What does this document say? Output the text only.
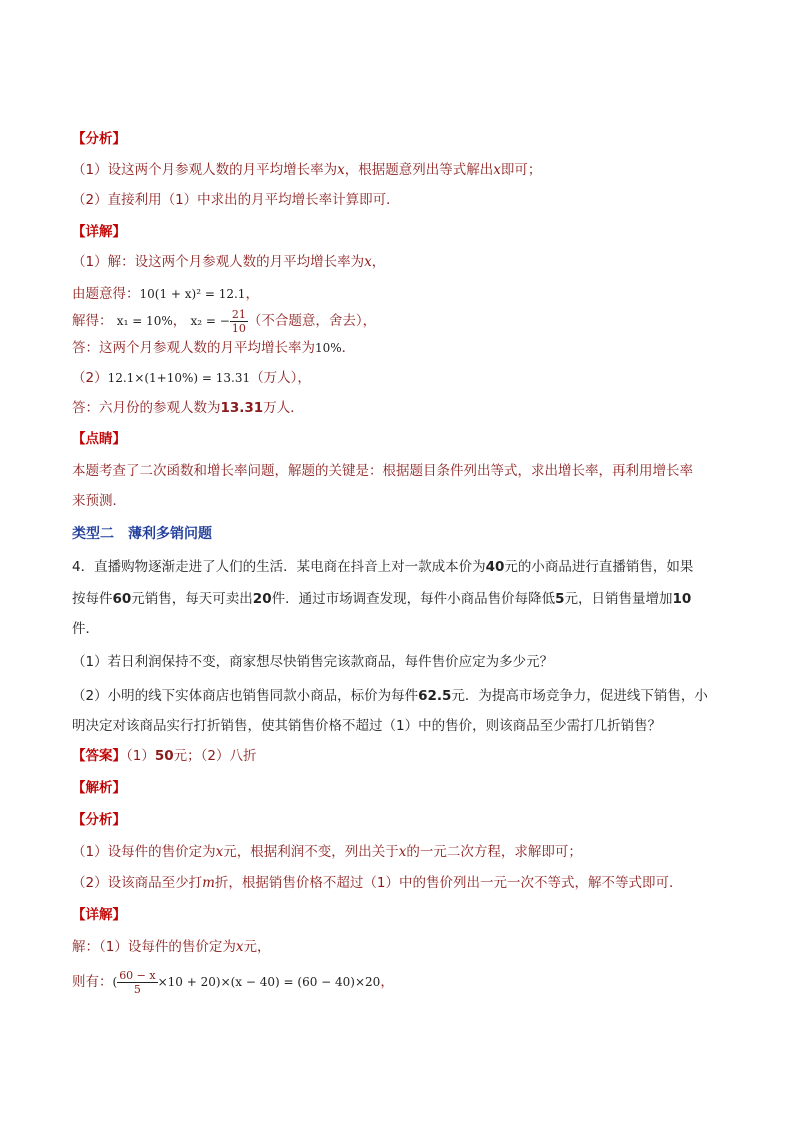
【分析】
（1）设这两个月参观人数的月平均增长率为x，根据题意列出等式解出x即可；
（2）直接利用（1）中求出的月平均增长率计算即可．
【详解】
（1）解：设这两个月参观人数的月平均增长率为x，
由题意得：10(1 + x)² = 12.1，
解得： x₁ = 10%， x₂ = − $\frac{21}{10}$ （不合题意，舍去），
答：这两个月参观人数的月平均增长率为10%．
（2）12.1×(1+10%) = 13.31（万人），
答：六月份的参观人数为13.31万人．
【点睛】
本题考查了二次函数和增长率问题，解题的关键是：根据题目条件列出等式，求出增长率，再利用增长率
来预测．
类型二　薄利多销问题
4．直播购物逐渐走进了人们的生活．某电商在抖音上对一款成本价为40元的小商品进行直播销售，如果
按每件60元销售，每天可卖出20件．通过市场调查发现，每件小商品售价每降低5元，日销售量增加10
件．
（1）若日利润保持不变，商家想尽快销售完该款商品，每件售价应定为多少元？
（2）小明的线下实体商店也销售同款小商品，标价为每件62.5元．为提高市场竞争力，促进线下销售，小
明决定对该商品实行打折销售，使其销售价格不超过（1）中的售价，则该商品至少需打几折销售？
【答案】（1）50元；（2）八折
【解析】
【分析】
（1）设每件的售价定为x元，根据利润不变，列出关于x的一元二次方程，求解即可；
（2）设该商品至少打m折，根据销售价格不超过（1）中的售价列出一元一次不等式，解不等式即可．
【详解】
解：（1）设每件的售价定为x元，
则有：( $\frac{60 - x}{5} \times 10 + 20)\times(x - 40) = (60 - 40)\times 20$，
